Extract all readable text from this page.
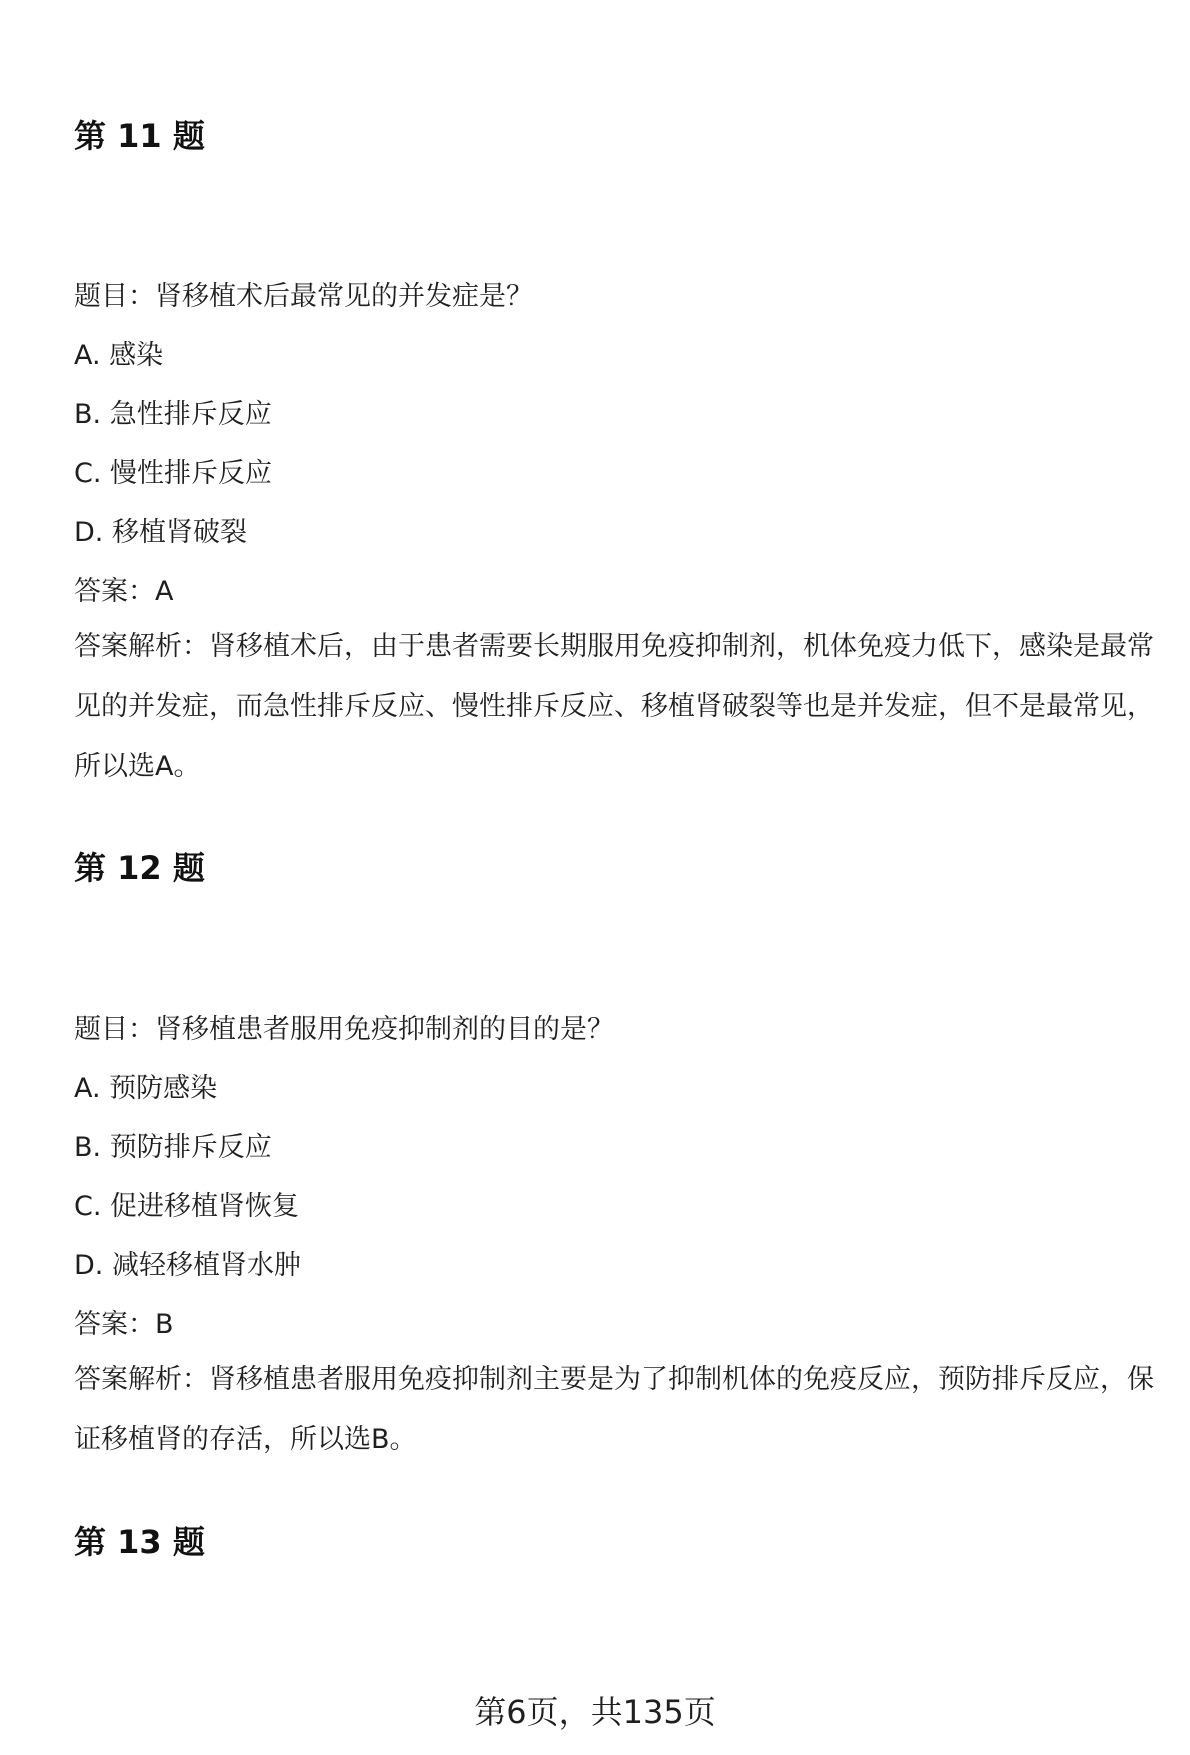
第 11 题
题目：肾移植术后最常见的并发症是？
A. 感染
B. 急性排斥反应
C. 慢性排斥反应
D. 移植肾破裂
答案：A

答案解析：肾移植术后，由于患者需要长期服用免疫抑制剂，机体免疫力低下，感染是最常见的并发症，而急性排斥反应、慢性排斥反应、移植肾破裂等也是并发症，但不是最常见，所以选A。

第 12 题
题目：肾移植患者服用免疫抑制剂的目的是？
A. 预防感染
B. 预防排斥反应
C. 促进移植肾恢复
D. 减轻移植肾水肿
答案：B

答案解析：肾移植患者服用免疫抑制剂主要是为了抑制机体的免疫反应，预防排斥反应，保证移植肾的存活，所以选B。

第 13 题
第6页，共135页
